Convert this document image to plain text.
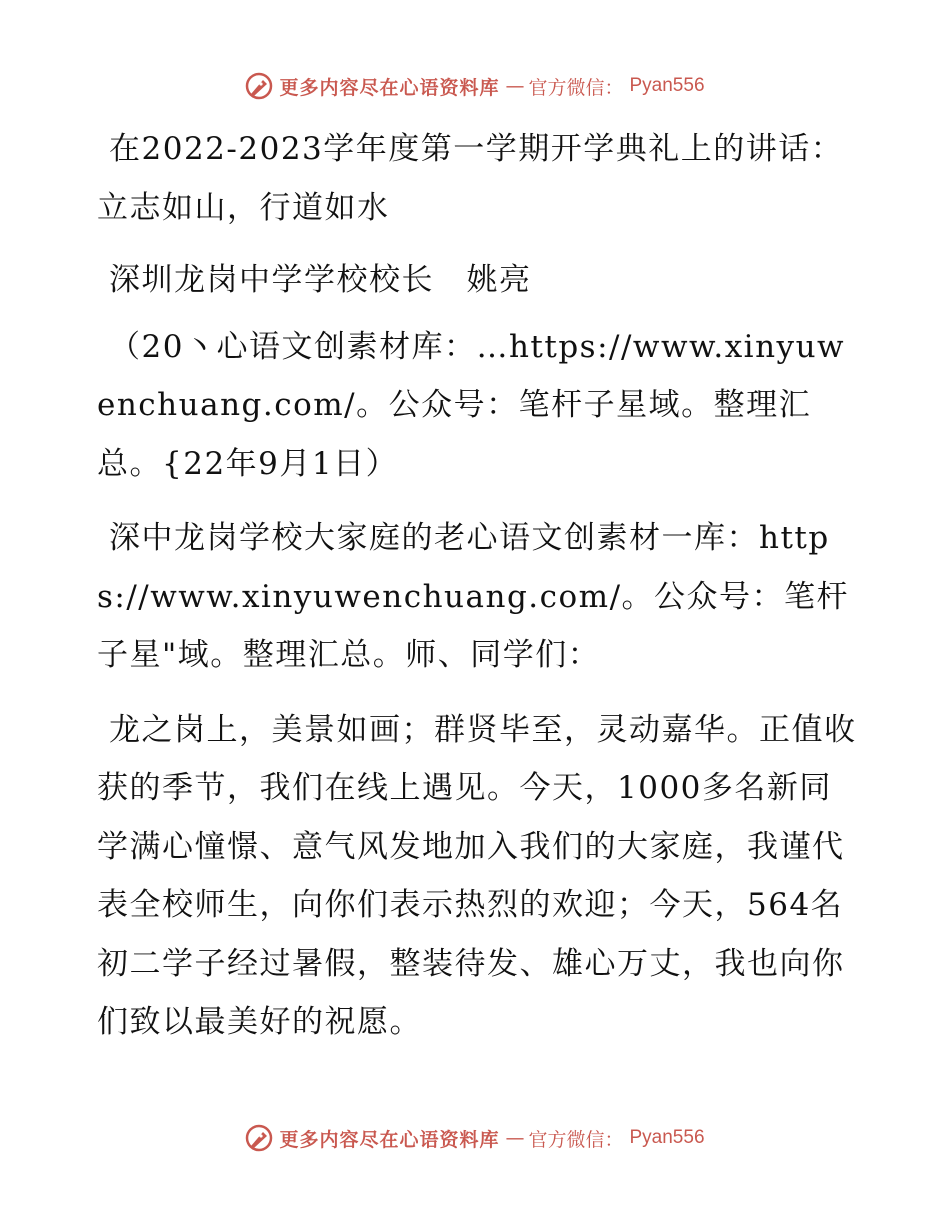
更多内容尽在心语资料库 — 官方微信： Pyan556

在2022-2023学年度第一学期开学典礼上的讲话：立志如山，行道如水

深圳龙岗中学学校校长　姚亮

（20丶心语文创素材库：…https://www.xinyuwenchuang.com/。公众号：笔杆子星域。整理汇总。{22年9月1日）

深中龙岗学校大家庭的老心语文创素材一库：https://www.xinyuwenchuang.com/。公众号：笔杆子星"域。整理汇总。师、同学们：

龙之岗上，美景如画；群贤毕至，灵动嘉华。正值收获的季节，我们在线上遇见。今天，1000多名新同学满心憧憬、意气风发地加入我们的大家庭，我谨代表全校师生，向你们表示热烈的欢迎；今天，564名初二学子经过暑假，整装待发、雄心万丈，我也向你们致以最美好的祝愿。

更多内容尽在心语资料库 — 官方微信： Pyan556
